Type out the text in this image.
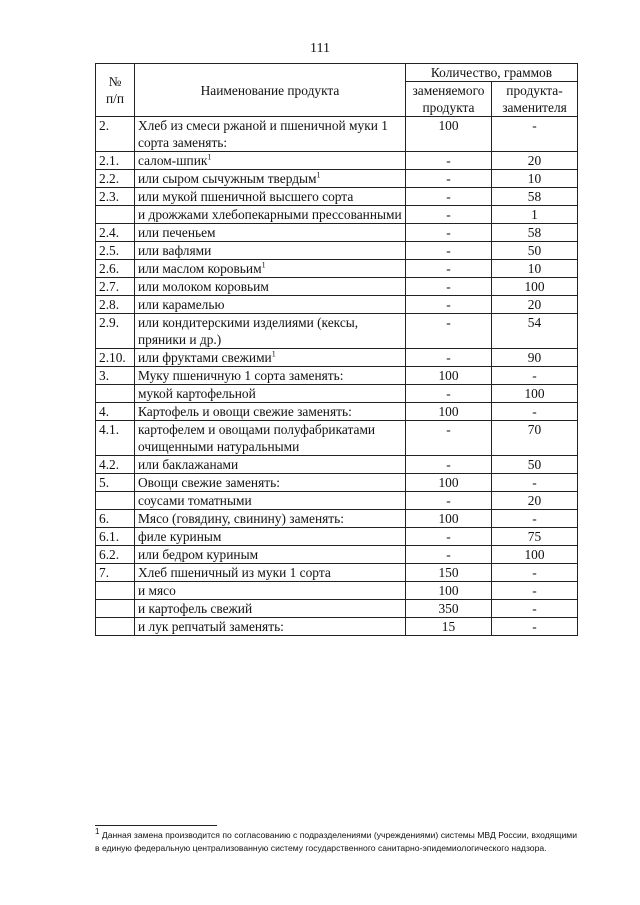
111
№
п/п	Наименование продукта	Количество, граммов	
		заменяемого продукта	продукта-заменителя
2.	Хлеб из смеси ржаной и пшеничной муки 1 сорта заменять:	100	-
2.1.	салом-шпик$^1$	-	20
2.2.	или сыром сычужным твердым$^1$	-	10
2.3.	или мукой пшеничной высшего сорта	-	58
	и дрожжами хлебопекарными прессованными	-	1
2.4.	или печеньем	-	58
2.5.	или вафлями	-	50
2.6.	или маслом коровьим$^1$	-	10
2.7.	или молоком коровьим	-	100
2.8.	или карамелью	-	20
2.9.	или кондитерскими изделиями (кексы, пряники и др.)	-	54
2.10.	или фруктами свежими$^1$	-	90
3.	Муку пшеничную 1 сорта заменять:	100	-
	мукой картофельной	-	100
4.	Картофель и овощи свежие заменять:	100	-
4.1.	картофелем и овощами полуфабрикатами очищенными натуральными	-	70
4.2.	или баклажанами	-	50
5.	Овощи свежие заменять:	100	-
	соусами томатными	-	20
6.	Мясо (говядину, свинину) заменять:	100	-
6.1.	филе куриным	-	75
6.2.	или бедром куриным	-	100
7.	Хлеб пшеничный из муки 1 сорта	150	-
	и мясо	100	-
	и картофель свежий	350	-
	и лук репчатый заменять:	15	-
$^1$ Данная замена производится по согласованию с подразделениями (учреждениями) системы МВД России, входящими в единую федеральную централизованную систему государственного санитарно-эпидемиологического надзора.
